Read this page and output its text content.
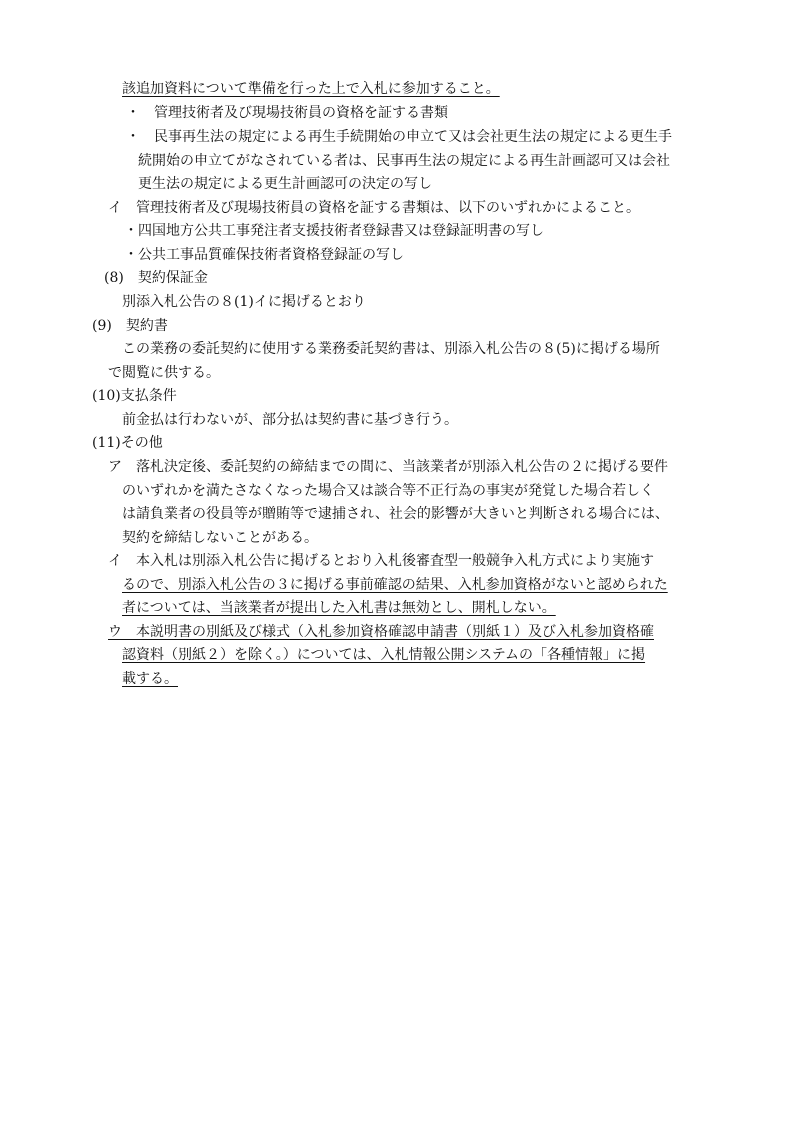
該追加資料について準備を行った上で入札に参加すること。
・　管理技術者及び現場技術員の資格を証する書類
・　民事再生法の規定による再生手続開始の申立て又は会社更生法の規定による更生手
続開始の申立てがなされている者は、民事再生法の規定による再生計画認可又は会社
更生法の規定による更生計画認可の決定の写し
イ　管理技術者及び現場技術員の資格を証する書類は、以下のいずれかによること。
・四国地方公共工事発注者支援技術者登録書又は登録証明書の写し
・公共工事品質確保技術者資格登録証の写し
(8)　契約保証金
別添入札公告の８(1)イに掲げるとおり
(9)　契約書
この業務の委託契約に使用する業務委託契約書は、別添入札公告の８(5)に掲げる場所
で閲覧に供する。
(10)支払条件
前金払は行わないが、部分払は契約書に基づき行う。
(11)その他
ア　落札決定後、委託契約の締結までの間に、当該業者が別添入札公告の２に掲げる要件
のいずれかを満たさなくなった場合又は談合等不正行為の事実が発覚した場合若しく
は請負業者の役員等が贈賄等で逮捕され、社会的影響が大きいと判断される場合には、
契約を締結しないことがある。
イ　本入札は別添入札公告に掲げるとおり入札後審査型一般競争入札方式により実施す
るので、別添入札公告の３に掲げる事前確認の結果、入札参加資格がないと認められた
者については、当該業者が提出した入札書は無効とし、開札しない。
ウ　本説明書の別紙及び様式（入札参加資格確認申請書（別紙１）及び入札参加資格確
認資料（別紙２）を除く。）については、入札情報公開システムの「各種情報」に掲
載する。
